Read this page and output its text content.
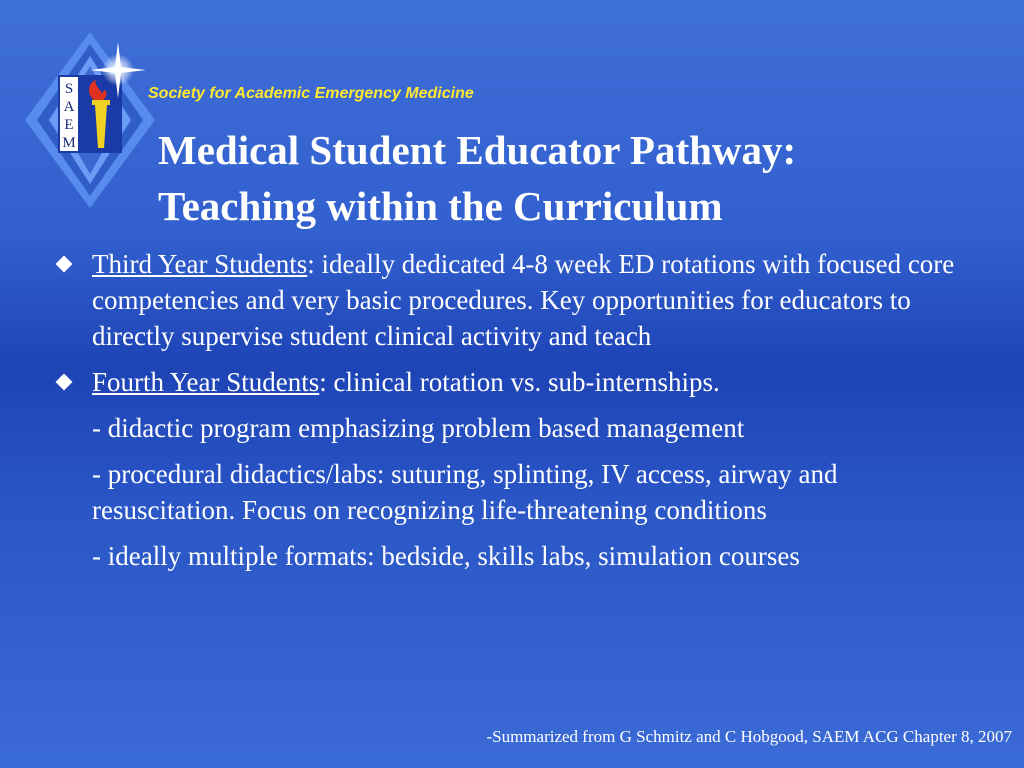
S
A
E
M
Society for Academic Emergency Medicine
Medical Student Educator Pathway:
Teaching within the Curriculum
Third Year Students: ideally dedicated 4-8 week ED rotations with focused core competencies and very basic procedures. Key opportunities for educators to directly supervise student clinical activity and teach
Fourth Year Students: clinical rotation vs. sub-internships.
- didactic program emphasizing problem based management
- procedural didactics/labs: suturing, splinting, IV access, airway and resuscitation. Focus on recognizing life-threatening conditions
- ideally multiple formats: bedside, skills labs, simulation courses
-Summarized from G Schmitz and C Hobgood, SAEM ACG Chapter 8, 2007
